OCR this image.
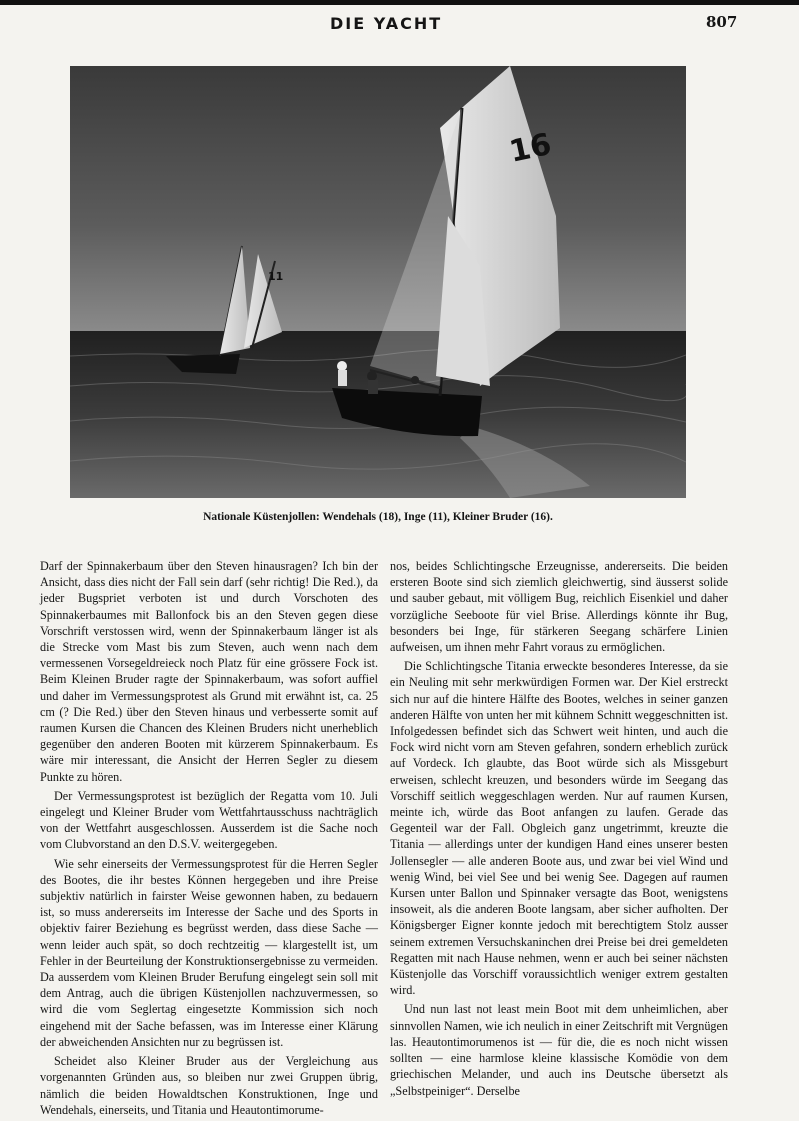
DIE YACHT	807
11
16
Nationale Küstenjollen: Wendehals (18), Inge (11), Kleiner Bruder (16).

Darf der Spinnakerbaum über den Steven hinausragen? Ich bin der Ansicht, dass dies nicht der Fall sein darf (sehr richtig! Die Red.), da jeder Bugspriet verboten ist und durch Vorschoten des Spinnakerbaumes mit Ballonfock bis an den Steven gegen diese Vorschrift verstossen wird, wenn der Spinnakerbaum länger ist als die Strecke vom Mast bis zum Steven, auch wenn nach dem vermessenen Vorsegeldreieck noch Platz für eine grössere Fock ist. Beim Kleinen Bruder ragte der Spinnakerbaum, was sofort auffiel und daher im Vermessungsprotest als Grund mit erwähnt ist, ca. 25 cm (? Die Red.) über den Steven hinaus und verbesserte somit auf raumen Kursen die Chancen des Kleinen Bruders nicht unerheblich gegenüber den anderen Booten mit kürzerem Spinnakerbaum. Es wäre mir interessant, die Ansicht der Herren Segler zu diesem Punkte zu hören.

Der Vermessungsprotest ist bezüglich der Regatta vom 10. Juli eingelegt und Kleiner Bruder vom Wettfahrtausschuss nachträglich von der Wettfahrt ausgeschlossen. Ausserdem ist die Sache noch vom Clubvorstand an den D.S.V. weitergegeben.

Wie sehr einerseits der Vermessungsprotest für die Herren Segler des Bootes, die ihr bestes Können hergegeben und ihre Preise subjektiv natürlich in fairster Weise gewonnen haben, zu bedauern ist, so muss andererseits im Interesse der Sache und des Sports in objektiv fairer Beziehung es begrüsst werden, dass diese Sache — wenn leider auch spät, so doch rechtzeitig — klargestellt ist, um Fehler in der Beurteilung der Konstruktionsergebnisse zu vermeiden. Da ausserdem vom Kleinen Bruder Berufung eingelegt sein soll mit dem Antrag, auch die übrigen Küstenjollen nachzuvermessen, so wird die vom Seglertag eingesetzte Kommission sich noch eingehend mit der Sache befassen, was im Interesse einer Klärung der abweichenden Ansichten nur zu begrüssen ist.

Scheidet also Kleiner Bruder aus der Vergleichung aus vorgenannten Gründen aus, so bleiben nur zwei Gruppen übrig, nämlich die beiden Howaldtschen Konstruktionen, Inge und Wendehals, einerseits, und Titania und Heautontimorume-

nos, beides Schlichtingsche Erzeugnisse, andererseits. Die beiden ersteren Boote sind sich ziemlich gleichwertig, sind äusserst solide und sauber gebaut, mit völligem Bug, reichlich Eisenkiel und daher vorzügliche Seeboote für viel Brise. Allerdings könnte ihr Bug, besonders bei Inge, für stärkeren Seegang schärfere Linien aufweisen, um ihnen mehr Fahrt voraus zu ermöglichen.

Die Schlichtingsche Titania erweckte besonderes Interesse, da sie ein Neuling mit sehr merkwürdigen Formen war. Der Kiel erstreckt sich nur auf die hintere Hälfte des Bootes, welches in seiner ganzen anderen Hälfte von unten her mit kühnem Schnitt weggeschnitten ist. Infolgedessen befindet sich das Schwert weit hinten, und auch die Fock wird nicht vorn am Steven gefahren, sondern erheblich zurück auf Vordeck. Ich glaubte, das Boot würde sich als Missgeburt erweisen, schlecht kreuzen, und besonders würde im Seegang das Vorschiff seitlich weggeschlagen werden. Nur auf raumen Kursen, meinte ich, würde das Boot anfangen zu laufen. Gerade das Gegenteil war der Fall. Obgleich ganz ungetrimmt, kreuzte die Titania — allerdings unter der kundigen Hand eines unserer besten Jollensegler — alle anderen Boote aus, und zwar bei viel Wind und wenig Wind, bei viel See und bei wenig See. Dagegen auf raumen Kursen unter Ballon und Spinnaker versagte das Boot, wenigstens insoweit, als die anderen Boote langsam, aber sicher aufholten. Der Königsberger Eigner konnte jedoch mit berechtigtem Stolz ausser seinem extremen Versuchskaninchen drei Preise bei drei gemeldeten Regatten mit nach Hause nehmen, wenn er auch bei seiner nächsten Küstenjolle das Vorschiff voraussichtlich weniger extrem gestalten wird.

Und nun last not least mein Boot mit dem unheimlichen, aber sinnvollen Namen, wie ich neulich in einer Zeitschrift mit Vergnügen las. Heautontimorumenos ist — für die, die es noch nicht wissen sollten — eine harmlose kleine klassische Komödie von dem griechischen Melander, und auch ins Deutsche übersetzt als „Selbstpeiniger“. Derselbe
